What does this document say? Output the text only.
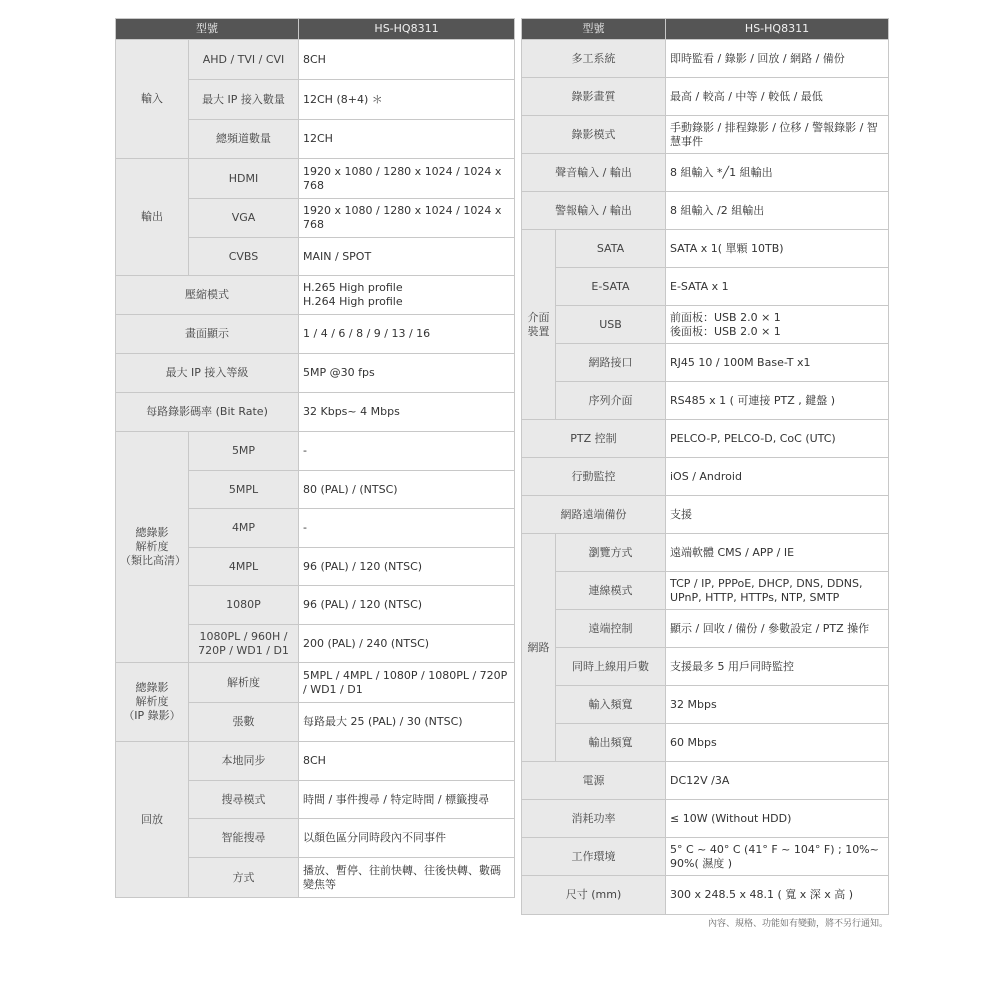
型號		HS-HQ8311
輸入	AHD / TVI / CVI	8CH
	最大 IP 接入數量	12CH (8+4) ＊
	總頻道數量	12CH
輸出	HDMI	1920 x 1080 / 1280 x 1024 / 1024 x 768
	VGA	1920 x 1080 / 1280 x 1024 / 1024 x 768
	CVBS	MAIN / SPOT
壓縮模式		H.265 High profile
H.264 High profile
畫面顯示		1 / 4 / 6 / 8 / 9 / 13 / 16
最大 IP 接入等級		5MP @30 fps
每路錄影碼率 (Bit Rate)		32 Kbps~ 4 Mbps
總錄影
解析度
（類比高清）	5MP	-
	5MPL	80 (PAL) / (NTSC)
	4MP	-
	4MPL	96 (PAL) / 120 (NTSC)
	1080P	96 (PAL) / 120 (NTSC)
	1080PL / 960H / 720P / WD1 / D1	200 (PAL) / 240 (NTSC)
總錄影
解析度
（IP 錄影）	解析度	5MPL / 4MPL / 1080P / 1080PL / 720P / WD1 / D1
	張數	每路最大 25 (PAL) / 30 (NTSC)
回放	本地同步	8CH
	搜尋模式	時間 / 事件搜尋 / 特定時間 / 標籤搜尋
	智能搜尋	以顏色區分同時段內不同事件
	方式	播放、暫停、往前快轉、往後快轉、數碼變焦等
型號		HS-HQ8311
多工系統		即時監看 / 錄影 / 回放 / 網路 / 備份
錄影畫質		最高 / 較高 / 中等 / 較低 / 最低
錄影模式		手動錄影 / 排程錄影 / 位移 / 警報錄影 / 智慧事件
聲音輸入 / 輸出		8 組輸入 *╱1 組輸出
警報輸入 / 輸出		8 組輸入 /2 組輸出
介面
裝置	SATA	SATA x 1( 單顆 10TB)
	E-SATA	E-SATA x 1
	USB	前面板：USB 2.0 × 1
後面板：USB 2.0 × 1
	網路接口	RJ45 10 / 100M Base-T x1
	序列介面	RS485 x 1 ( 可連接 PTZ , 鍵盤 )
PTZ 控制		PELCO-P, PELCO-D, CoC (UTC)
行動監控		iOS / Android
網路遠端備份		支援
網路	瀏覽方式	遠端軟體 CMS / APP / IE
	連線模式	TCP / IP, PPPoE, DHCP, DNS, DDNS, UPnP, HTTP, HTTPs, NTP, SMTP
	遠端控制	顯示 / 回收 / 備份 / 參數設定 / PTZ 操作
	同時上線用戶數	支援最多 5 用戶同時監控
	輸入頻寬	32 Mbps
	輸出頻寬	60 Mbps
電源		DC12V /3A
消耗功率		≤ 10W (Without HDD)
工作環境		5° C ~ 40° C (41° F ~ 104° F) ; 10%~ 90%( 濕度 )
尺寸 (mm)		300 x 248.5 x 48.1 ( 寬 x 深 x 高 )
內容、規格、功能如有變動，將不另行通知。
